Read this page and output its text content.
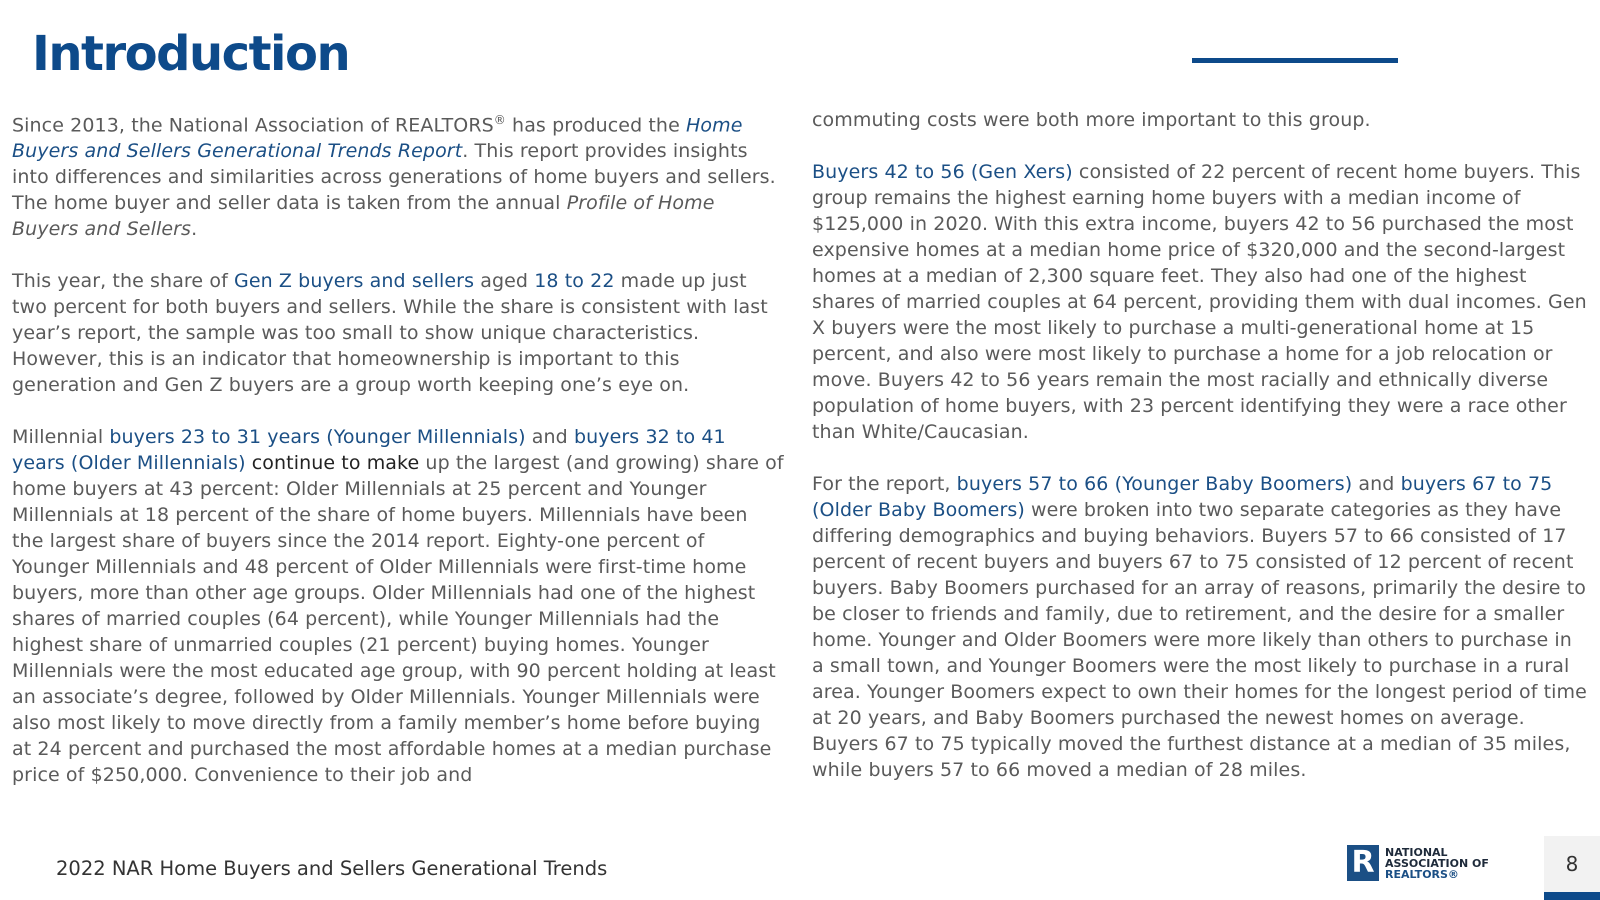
Introduction

Since 2013, the National Association of REALTORS® has produced the Home Buyers and Sellers Generational Trends Report. This report provides insights into differences and similarities across generations of home buyers and sellers. The home buyer and seller data is taken from the annual Profile of Home Buyers and Sellers.

This year, the share of Gen Z buyers and sellers aged 18 to 22 made up just two percent for both buyers and sellers. While the share is consistent with last year’s report, the sample was too small to show unique characteristics. However, this is an indicator that homeownership is important to this generation and Gen Z buyers are a group worth keeping one’s eye on.

Millennial buyers 23 to 31 years (Younger Millennials) and buyers 32 to 41 years (Older Millennials) continue to make up the largest (and growing) share of home buyers at 43 percent: Older Millennials at 25 percent and Younger Millennials at 18 percent of the share of home buyers. Millennials have been the largest share of buyers since the 2014 report. Eighty-one percent of Younger Millennials and 48 percent of Older Millennials were first-time home buyers, more than other age groups. Older Millennials had one of the highest shares of married couples (64 percent), while Younger Millennials had the highest share of unmarried couples (21 percent) buying homes. Younger Millennials were the most educated age group, with 90 percent holding at least an associate’s degree, followed by Older Millennials. Younger Millennials were also most likely to move directly from a family member’s home before buying at 24 percent and purchased the most affordable homes at a median purchase price of $250,000. Convenience to their job and

commuting costs were both more important to this group.

Buyers 42 to 56 (Gen Xers) consisted of 22 percent of recent home buyers. This group remains the highest earning home buyers with a median income of $125,000 in 2020. With this extra income, buyers 42 to 56 purchased the most expensive homes at a median home price of $320,000 and the second-largest homes at a median of 2,300 square feet. They also had one of the highest shares of married couples at 64 percent, providing them with dual incomes. Gen X buyers were the most likely to purchase a multi-generational home at 15 percent, and also were most likely to purchase a home for a job relocation or move. Buyers 42 to 56 years remain the most racially and ethnically diverse population of home buyers, with 23 percent identifying they were a race other than White/Caucasian.

For the report, buyers 57 to 66 (Younger Baby Boomers) and buyers 67 to 75 (Older Baby Boomers) were broken into two separate categories as they have differing demographics and buying behaviors. Buyers 57 to 66 consisted of 17 percent of recent buyers and buyers 67 to 75 consisted of 12 percent of recent buyers. Baby Boomers purchased for an array of reasons, primarily the desire to be closer to friends and family, due to retirement, and the desire for a smaller home. Younger and Older Boomers were more likely than others to purchase in a small town, and Younger Boomers were the most likely to purchase in a rural area. Younger Boomers expect to own their homes for the longest period of time at 20 years, and Baby Boomers purchased the newest homes on average. Buyers 67 to 75 typically moved the furthest distance at a median of 35 miles, while buyers 57 to 66 moved a median of 28 miles.

2022 NAR Home Buyers and Sellers Generational Trends	R NATIONAL
ASSOCIATION OF
REALTORS®	8
